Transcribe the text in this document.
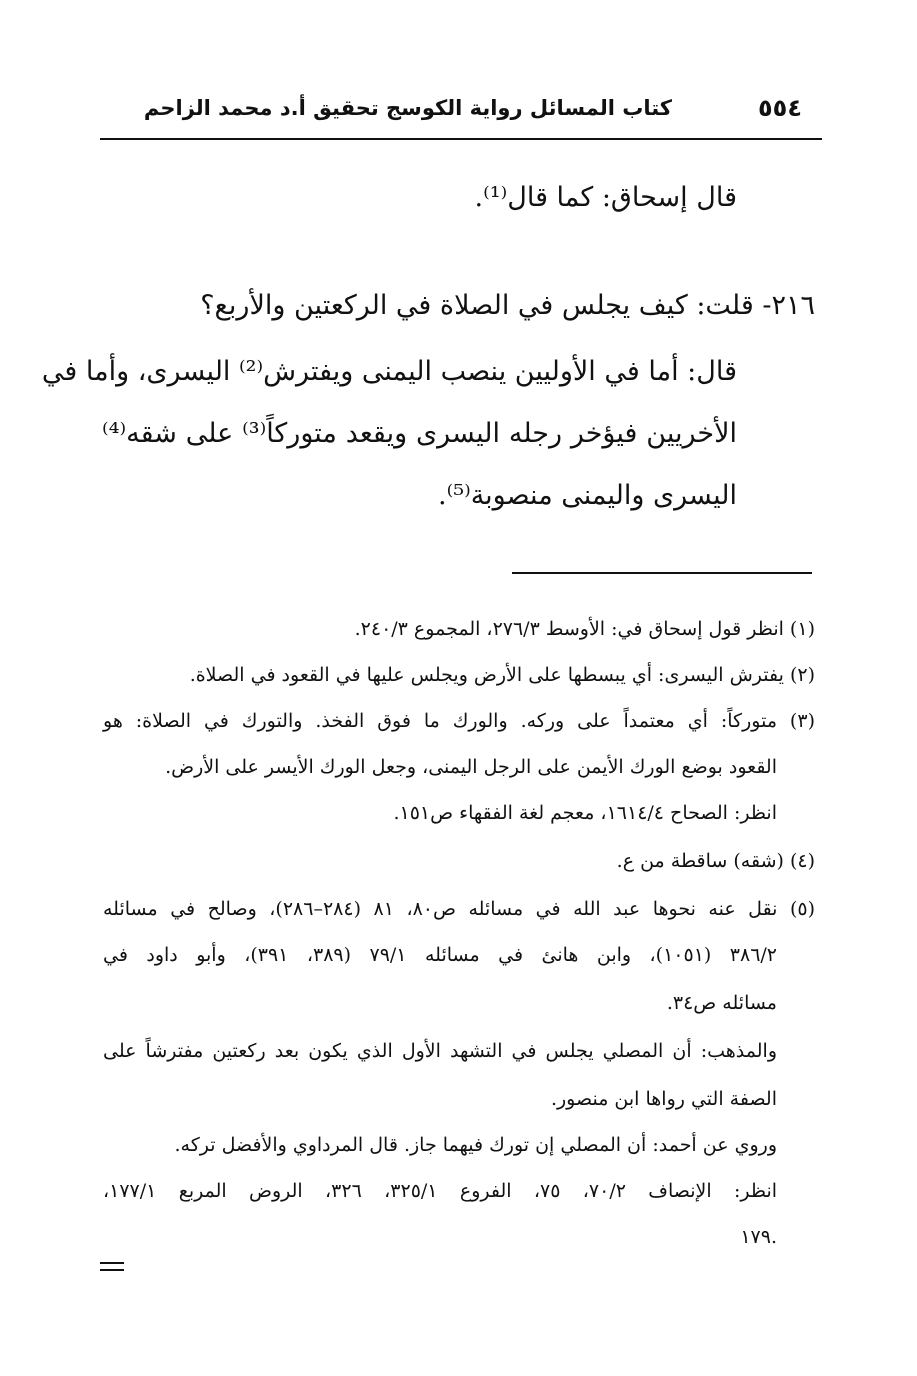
٥٥٤
كتاب المسائل رواية الكوسج تحقيق أ.د محمد الزاحم
قال إسحاق: كما قال⁽¹⁾.
٢١٦- قلت: كيف يجلس في الصلاة في الركعتين والأربع؟
قال: أما في الأوليين ينصب اليمنى ويفترش⁽²⁾ اليسرى، وأما في
الأخريين فيؤخر رجله اليسرى ويقعد متوركاً⁽³⁾ على شقه⁽⁴⁾
اليسرى واليمنى منصوبة⁽⁵⁾.
(١) انظر قول إسحاق في: الأوسط ٢٧٦/٣، المجموع ٢٤٠/٣.
(٢) يفترش اليسرى: أي يبسطها على الأرض ويجلس عليها في القعود في الصلاة.
(٣) متوركاً: أي معتمداً على وركه. والورك ما فوق الفخذ. والتورك في الصلاة: هو
القعود بوضع الورك الأيمن على الرجل اليمنى، وجعل الورك الأيسر على الأرض.
انظر: الصحاح ١٦١٤/٤، معجم لغة الفقهاء ص١٥١.
(٤) (شقه) ساقطة من ع.
(٥) نقل عنه نحوها عبد الله في مسائله ص٨٠، ٨١ (٢٨٤–٢٨٦)، وصالح في مسائله
٣٨٦/٢ (١٠٥١)، وابن هانئ في مسائله ٧٩/١ (٣٨٩، ٣٩١)، وأبو داود في
مسائله ص٣٤.
والمذهب: أن المصلي يجلس في التشهد الأول الذي يكون بعد ركعتين مفترشاً على
الصفة التي رواها ابن منصور.
وروي عن أحمد: أن المصلي إن تورك فيهما جاز. قال المرداوي والأفضل تركه.
انظر: الإنصاف ٧٠/٢، ٧٥، الفروع ٣٢٥/١، ٣٢٦، الروض المربع ١٧٧/١،
١٧٩.
